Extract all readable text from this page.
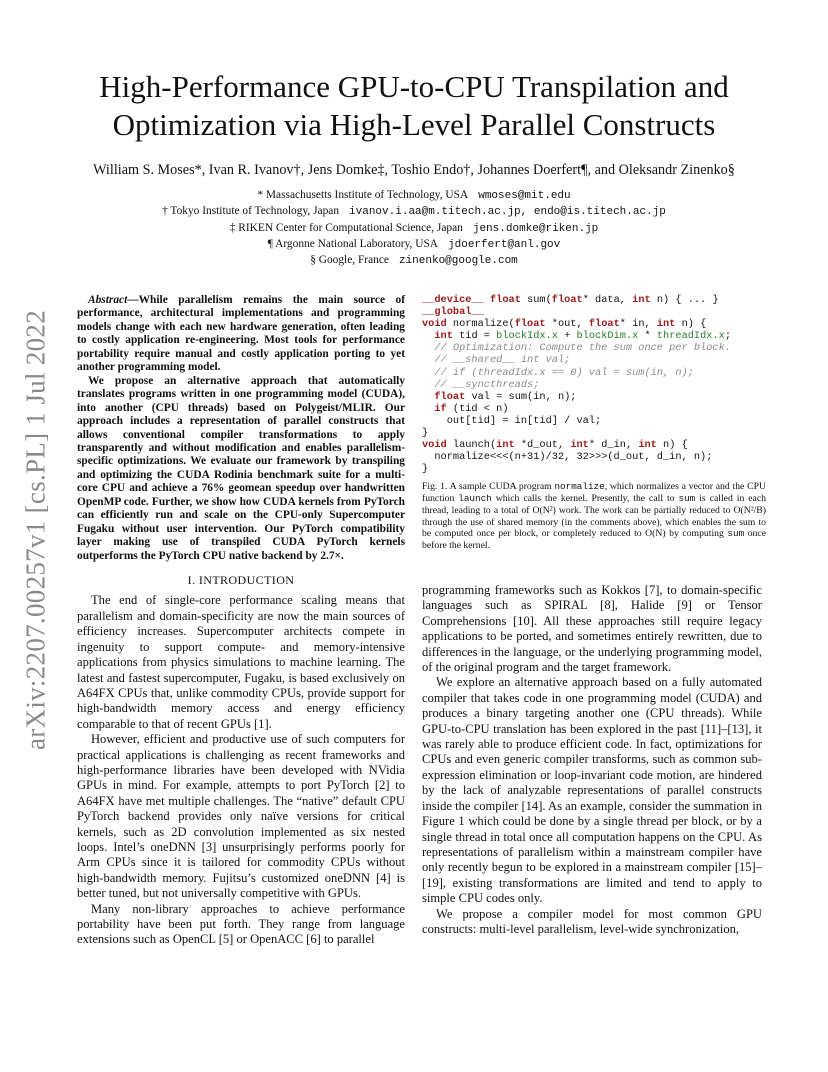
arXiv:2207.00257v1 [cs.PL] 1 Jul 2022
High-Performance GPU-to-CPU Transpilation and Optimization via High-Level Parallel Constructs
William S. Moses*, Ivan R. Ivanov†, Jens Domke‡, Toshio Endo†, Johannes Doerfert¶, and Oleksandr Zinenko§
* Massachusetts Institute of Technology, USA wmoses@mit.edu
† Tokyo Institute of Technology, Japan ivanov.i.aa@m.titech.ac.jp, endo@is.titech.ac.jp
‡ RIKEN Center for Computational Science, Japan jens.domke@riken.jp
¶ Argonne National Laboratory, USA jdoerfert@anl.gov
§ Google, France zinenko@google.com

Abstract—While parallelism remains the main source of performance, architectural implementations and programming models change with each new hardware generation, often leading to costly application re-engineering. Most tools for performance portability require manual and costly application porting to yet another programming model.

We propose an alternative approach that automatically translates programs written in one programming model (CUDA), into another (CPU threads) based on Polygeist/MLIR. Our approach includes a representation of parallel constructs that allows conventional compiler transformations to apply transparently and without modification and enables parallelism-specific optimizations. We evaluate our framework by transpiling and optimizing the CUDA Rodinia benchmark suite for a multi-core CPU and achieve a 76% geomean speedup over handwritten OpenMP code. Further, we show how CUDA kernels from PyTorch can efficiently run and scale on the CPU-only Supercomputer Fugaku without user intervention. Our PyTorch compatibility layer making use of transpiled CUDA PyTorch kernels outperforms the PyTorch CPU native backend by 2.7×.

I. INTRODUCTION

The end of single-core performance scaling means that parallelism and domain-specificity are now the main sources of efficiency increases. Supercomputer architects compete in ingenuity to support compute- and memory-intensive applications from physics simulations to machine learning. The latest and fastest supercomputer, Fugaku, is based exclusively on A64FX CPUs that, unlike commodity CPUs, provide support for high-bandwidth memory access and energy efficiency comparable to that of recent GPUs [1].

However, efficient and productive use of such computers for practical applications is challenging as recent frameworks and high-performance libraries have been developed with NVidia GPUs in mind. For example, attempts to port PyTorch [2] to A64FX have met multiple challenges. The “native” default CPU PyTorch backend provides only naïve versions for critical kernels, such as 2D convolution implemented as six nested loops. Intel’s oneDNN [3] unsurprisingly performs poorly for Arm CPUs since it is tailored for commodity CPUs without high-bandwidth memory. Fujitsu’s customized oneDNN [4] is better tuned, but not universally competitive with GPUs.

Many non-library approaches to achieve performance portability have been put forth. They range from language extensions such as OpenCL [5] or OpenACC [6] to parallel

__device__ float sum(float* data, int n) { ... }
__global__
void normalize(float *out, float* in, int n) {
int tid = blockIdx.x + blockDim.x * threadIdx.x;
// Optimization: Compute the sum once per block.
// __shared__ int val;
// if (threadIdx.x == 0) val = sum(in, n);
// __syncthreads;
float val = sum(in, n);
if (tid < n)
out[tid] = in[tid] / val;
}
void launch(int *d_out, int* d_in, int n) {
normalize<<<(n+31)/32, 32>>>(d_out, d_in, n);
}

Fig. 1. A sample CUDA program normalize, which normalizes a vector and the CPU function launch which calls the kernel. Presently, the call to sum is called in each thread, leading to a total of O(N²) work. The work can be partially reduced to O(N²/B) through the use of shared memory (in the comments above), which enables the sum to be computed once per block, or completely reduced to O(N) by computing sum once before the kernel.

programming frameworks such as Kokkos [7], to domain-specific languages such as SPIRAL [8], Halide [9] or Tensor Comprehensions [10]. All these approaches still require legacy applications to be ported, and sometimes entirely rewritten, due to differences in the language, or the underlying programming model, of the original program and the target framework.

We explore an alternative approach based on a fully automated compiler that takes code in one programming model (CUDA) and produces a binary targeting another one (CPU threads). While GPU-to-CPU translation has been explored in the past [11]–[13], it was rarely able to produce efficient code. In fact, optimizations for CPUs and even generic compiler transforms, such as common sub-expression elimination or loop-invariant code motion, are hindered by the lack of analyzable representations of parallel constructs inside the compiler [14]. As an example, consider the summation in Figure 1 which could be done by a single thread per block, or by a single thread in total once all computation happens on the CPU. As representations of parallelism within a mainstream compiler have only recently begun to be explored in a mainstream compiler [15]–[19], existing transformations are limited and tend to apply to simple CPU codes only.

We propose a compiler model for most common GPU constructs: multi-level parallelism, level-wide synchronization,
